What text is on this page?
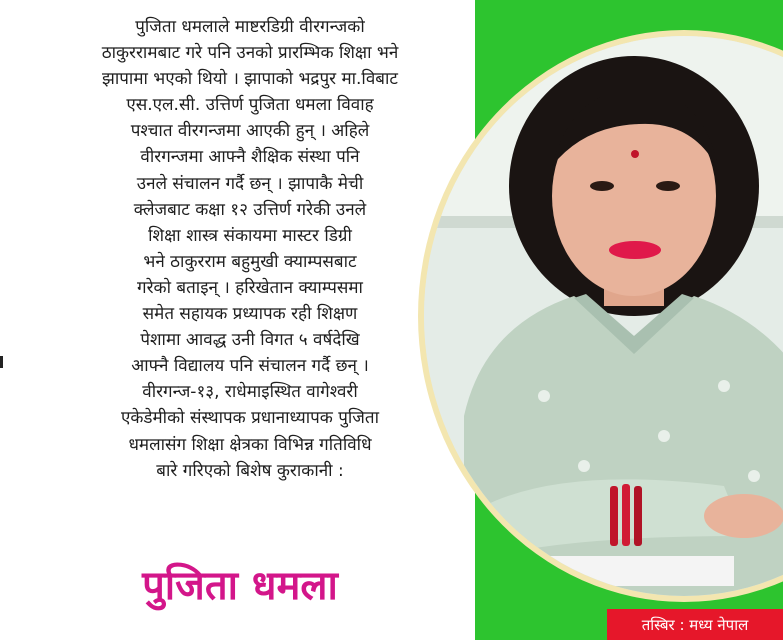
पुजिता धमलाले माष्टरडिग्री वीरगन्जको
ठाकुररामबाट गरे पनि उनको प्रारम्भिक शिक्षा भने
झापामा भएको थियो । झापाको भद्रपुर मा.विबाट
एस.एल.सी. उत्तिर्ण पुजिता धमला विवाह
पश्चात वीरगन्जमा आएकी हुन् । अहिले
वीरगन्जमा आफ्नै शैक्षिक संस्था पनि
उनले संचालन गर्दै छन् । झापाकै मेची
क्लेजबाट कक्षा १२ उत्तिर्ण गरेकी उनले
शिक्षा शास्त्र संकायमा मास्टर डिग्री
भने ठाकुरराम बहुमुखी क्याम्पसबाट
गरेको बताइन् । हरिखेतान क्याम्पसमा
समेत सहायक प्रध्यापक रही शिक्षण
पेशामा आवद्ध उनी विगत ५ वर्षदेखि
आफ्नै विद्यालय पनि संचालन गर्दै छन् ।
वीरगन्ज-१३, राधेमाइस्थित वागेश्वरी
एकेडेमीको संस्थापक प्रधानाध्यापक पुजिता
धमलासंग शिक्षा क्षेत्रका विभिन्न गतिविधि
बारे गरिएको बिशेष कुराकानी :
पुजिता धमला
तस्बिर : मध्य नेपाल
